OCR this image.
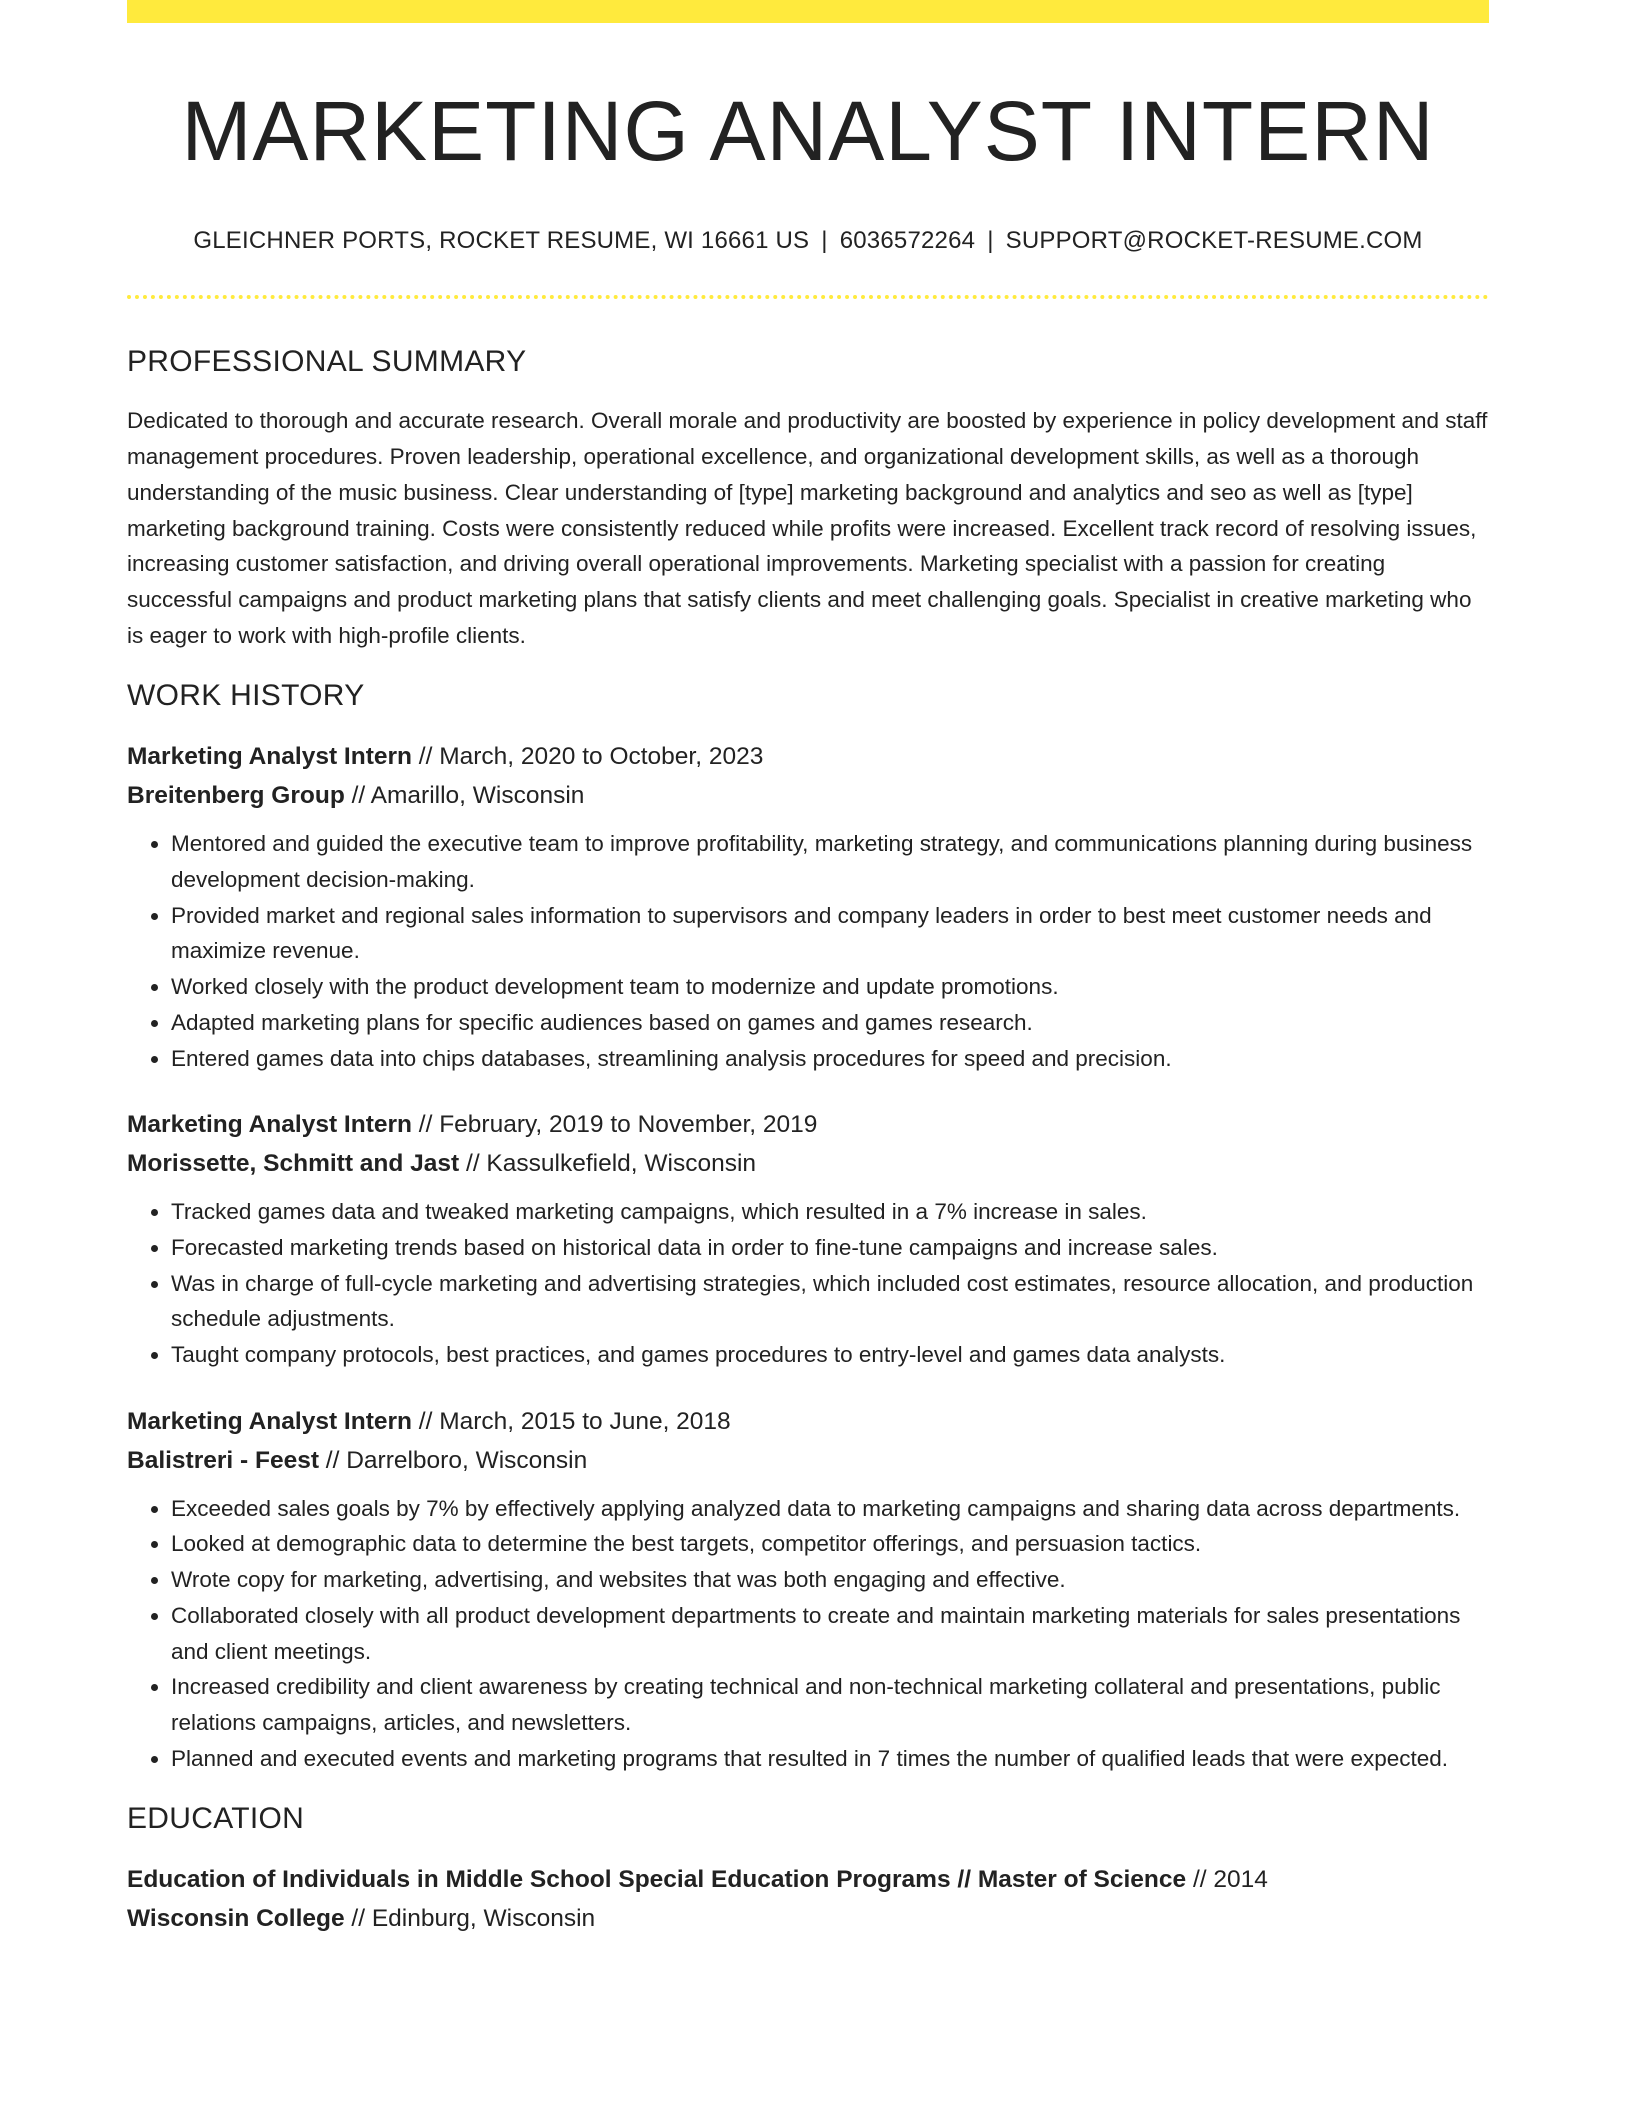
MARKETING ANALYST INTERN
GLEICHNER PORTS, ROCKET RESUME, WI 16661 US | 6036572264 | SUPPORT@ROCKET-RESUME.COM
PROFESSIONAL SUMMARY
Dedicated to thorough and accurate research. Overall morale and productivity are boosted by experience in policy development and staff management procedures. Proven leadership, operational excellence, and organizational development skills, as well as a thorough understanding of the music business. Clear understanding of [type] marketing background and analytics and seo as well as [type] marketing background training. Costs were consistently reduced while profits were increased. Excellent track record of resolving issues, increasing customer satisfaction, and driving overall operational improvements. Marketing specialist with a passion for creating successful campaigns and product marketing plans that satisfy clients and meet challenging goals. Specialist in creative marketing who is eager to work with high-profile clients.
WORK HISTORY
Marketing Analyst Intern // March, 2020 to October, 2023
Breitenberg Group // Amarillo, Wisconsin
• Mentored and guided the executive team to improve profitability, marketing strategy, and communications planning during business development decision-making.
• Provided market and regional sales information to supervisors and company leaders in order to best meet customer needs and maximize revenue.
• Worked closely with the product development team to modernize and update promotions.
• Adapted marketing plans for specific audiences based on games and games research.
• Entered games data into chips databases, streamlining analysis procedures for speed and precision.
Marketing Analyst Intern // February, 2019 to November, 2019
Morissette, Schmitt and Jast // Kassulkefield, Wisconsin
• Tracked games data and tweaked marketing campaigns, which resulted in a 7% increase in sales.
• Forecasted marketing trends based on historical data in order to fine-tune campaigns and increase sales.
• Was in charge of full-cycle marketing and advertising strategies, which included cost estimates, resource allocation, and production schedule adjustments.
• Taught company protocols, best practices, and games procedures to entry-level and games data analysts.
Marketing Analyst Intern // March, 2015 to June, 2018
Balistreri - Feest // Darrelboro, Wisconsin
• Exceeded sales goals by 7% by effectively applying analyzed data to marketing campaigns and sharing data across departments.
• Looked at demographic data to determine the best targets, competitor offerings, and persuasion tactics.
• Wrote copy for marketing, advertising, and websites that was both engaging and effective.
• Collaborated closely with all product development departments to create and maintain marketing materials for sales presentations and client meetings.
• Increased credibility and client awareness by creating technical and non-technical marketing collateral and presentations, public relations campaigns, articles, and newsletters.
• Planned and executed events and marketing programs that resulted in 7 times the number of qualified leads that were expected.
EDUCATION
Education of Individuals in Middle School Special Education Programs // Master of Science // 2014
Wisconsin College // Edinburg, Wisconsin
